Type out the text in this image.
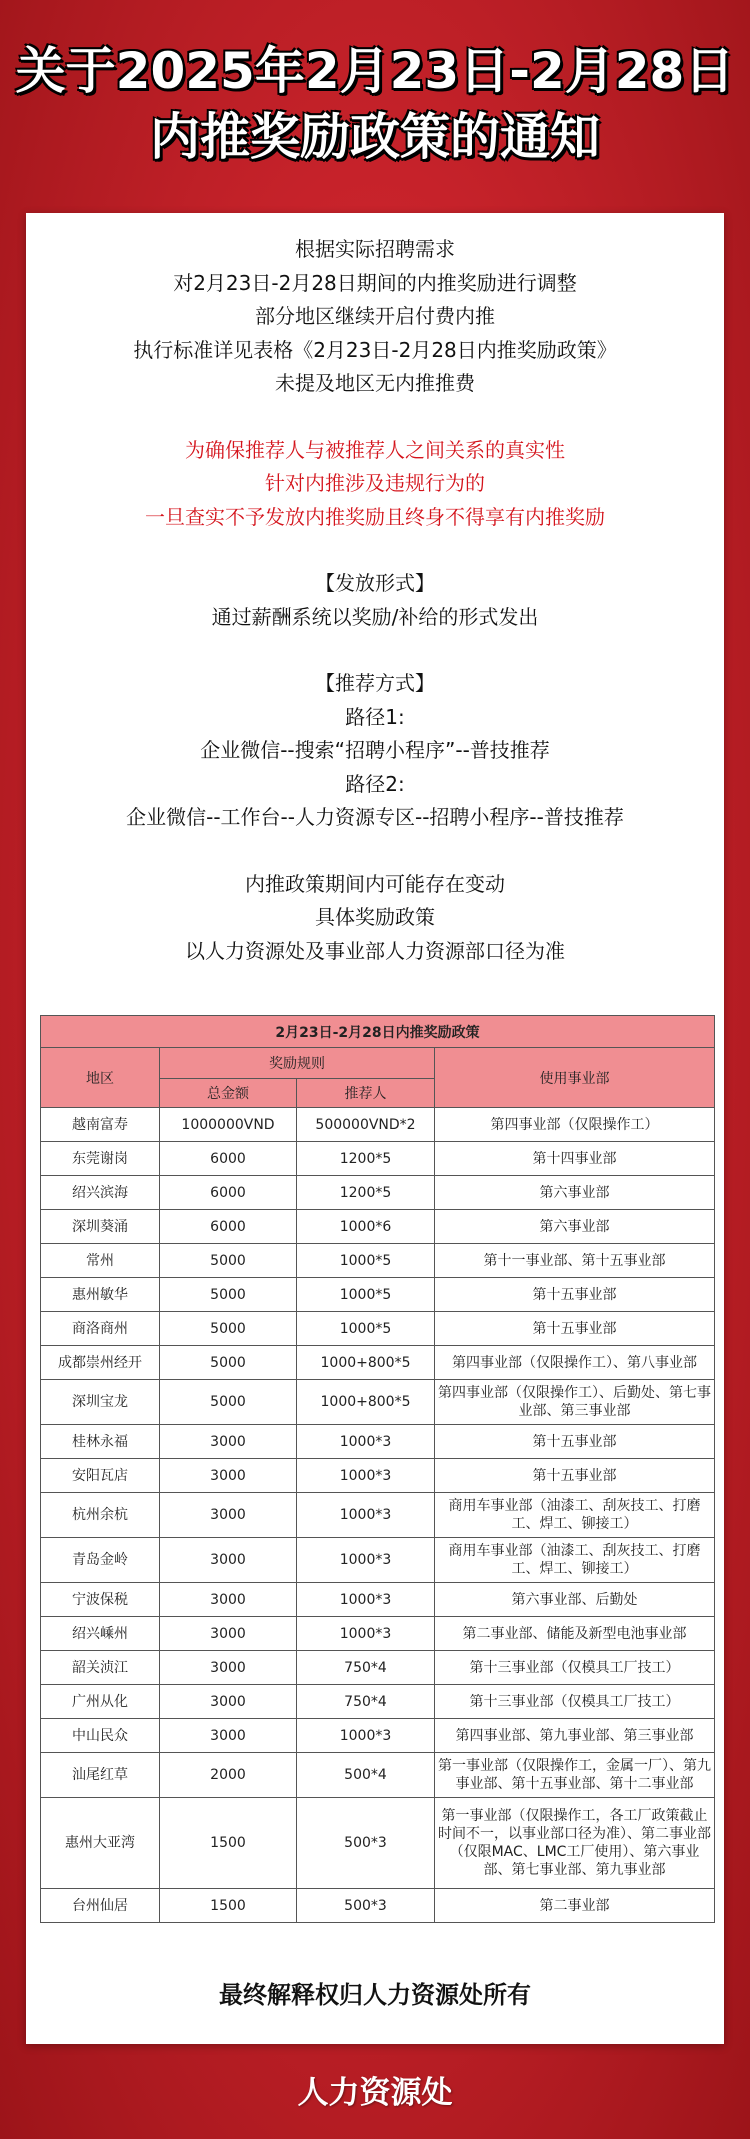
关于2025年2月23日-2月28日
内推奖励政策的通知
根据实际招聘需求
对2月23日-2月28日期间的内推奖励进行调整
部分地区继续开启付费内推
执行标准详见表格《2月23日-2月28日内推奖励政策》
未提及地区无内推推费
为确保推荐人与被推荐人之间关系的真实性
针对内推涉及违规行为的
一旦查实不予发放内推奖励且终身不得享有内推奖励
【发放形式】
通过薪酬系统以奖励/补给的形式发出
【推荐方式】
路径1:
企业微信--搜索“招聘小程序”--普技推荐
路径2:
企业微信--工作台--人力资源专区--招聘小程序--普技推荐
内推政策期间内可能存在变动
具体奖励政策
以人力资源处及事业部人力资源部口径为准
2月23日-2月28日内推奖励政策			
地区	奖励规则		使用事业部
	总金额	推荐人	
越南富寿	1000000VND	500000VND*2	第四事业部（仅限操作工）
东莞谢岗	6000	1200*5	第十四事业部
绍兴滨海	6000	1200*5	第六事业部
深圳葵涌	6000	1000*6	第六事业部
常州	5000	1000*5	第十一事业部、第十五事业部
惠州敏华	5000	1000*5	第十五事业部
商洛商州	5000	1000*5	第十五事业部
成都崇州经开	5000	1000+800*5	第四事业部（仅限操作工）、第八事业部
深圳宝龙	5000	1000+800*5	第四事业部（仅限操作工）、后勤处、第七事业部、第三事业部
桂林永福	3000	1000*3	第十五事业部
安阳瓦店	3000	1000*3	第十五事业部
杭州余杭	3000	1000*3	商用车事业部（油漆工、刮灰技工、打磨工、焊工、铆接工）
青岛金岭	3000	1000*3	商用车事业部（油漆工、刮灰技工、打磨工、焊工、铆接工）
宁波保税	3000	1000*3	第六事业部、后勤处
绍兴嵊州	3000	1000*3	第二事业部、储能及新型电池事业部
韶关浈江	3000	750*4	第十三事业部（仅模具工厂技工）
广州从化	3000	750*4	第十三事业部（仅模具工厂技工）
中山民众	3000	1000*3	第四事业部、第九事业部、第三事业部
汕尾红草	2000	500*4	第一事业部（仅限操作工，金属一厂）、第九事业部、第十五事业部、第十二事业部
惠州大亚湾	1500	500*3	第一事业部（仅限操作工，各工厂政策截止时间不一，以事业部口径为准）、第二事业部（仅限MAC、LMC工厂使用）、第六事业部、第七事业部、第九事业部
台州仙居	1500	500*3	第二事业部
最终解释权归人力资源处所有
人力资源处
